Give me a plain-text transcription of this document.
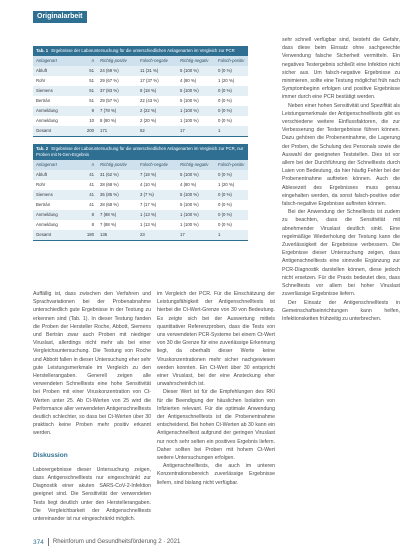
Originalarbeit
Tab. 1 Ergebnisse der Laboruntersuchung für die unterschiedlichen Anlagenarten im Vergleich zur PCR
Anlagenart	n	Richtig-positiv	Falsch-negativ	Richtig-negativ	Falsch-positiv
Abluft	51	24 (69 %)	11 (31 %)	5 (100 %)	0 (0 %)
Rohr	51	29 (67 %)	17 (37 %)	4 (80 %)	1 (20 %)
Siemens	51	37 (83 %)	8 (18 %)	5 (100 %)	0 (0 %)
Bertrán	51	29 (57 %)	22 (43 %)	5 (100 %)	0 (0 %)
Anmeldung	9	7 (78 %)	2 (22 %)	1 (100 %)	0 (0 %)
Anmeldung	10	8 (80 %)	2 (20 %)	1 (100 %)	0 (0 %)
Gesamt	200	171	52	17	1
Tab. 2 Ergebnisse der Laboruntersuchung für die unterschiedlichen Anlagenarten im Vergleich zur PCR, nur Proben mit N-Gen-Ergebnis
Anlagenart	n	Richtig-positiv	Falsch-negativ	Richtig-negativ	Falsch-positiv
Abluft	41	31 (62 %)	7 (18 %)	5 (100 %)	0 (0 %)
Rohr	41	28 (68 %)	4 (10 %)	4 (80 %)	1 (20 %)
Siemens	41	35 (85 %)	3 (7 %)	5 (100 %)	0 (0 %)
Bertrán	41	28 (68 %)	7 (17 %)	5 (100 %)	0 (0 %)
Anmeldung	8	7 (88 %)	1 (13 %)	1 (100 %)	0 (0 %)
Anmeldung	8	7 (88 %)	1 (13 %)	1 (100 %)	0 (0 %)
Gesamt	180	136	23	17	1

Auffällig ist, dass zwischen den Verfahren und Sprachvariationen bei der Probenabnahme unterschiedlich gute Ergebnisse in der Testung zu erkennen sind (Tab. 1). In dieser Testung fanden die Proben der Hersteller Roche, Abbott, Siemens und Bertrán zwar auch Proben mit niedriger Viruslast, allerdings nicht mehr als bei einer Vergleichsuntersuchung. Die Testung von Roche und Abbott fallen in dieser Untersuchung eher sehr gute Leistungsmerkmale im Vergleich zu den Herstellerangaben. Generell zeigen alle verwendeten Schnelltests eine hohe Sensitivität bei Proben mit einer Viruskonzentration von Ct-Werten unter 25. Ab Ct-Werten von 25 wird die Performance aller verwendeten Antigenschnelltests deutlich schlechter, so dass bei Ct-Werten über 30 praktisch keine Proben mehr positiv erkannt werden.

Diskussion

Laborergebnisse dieser Untersuchung zeigen, dass Antigenschnelltests nur eingeschränkt zur Diagnostik einer akuten SARS-CoV-2-Infektion geeignet sind. Die Sensitivität der verwendeten Tests liegt deutlich unter den Herstellerangaben. Die Vergleichbarkeit der Antigenschnelltests untereinander ist nur eingeschränkt möglich.

im Vergleich der PCR. Für die Einschätzung der Leistungsfähigkeit der Antigenschnelltests ist hierbei die Ct-Wert-Grenze von 30 von Bedeutung. Es zeigte sich bei der Auswertung mittels quantitativer Referenzproben, dass die Tests von uns verwendeten PCR-Systeme bei einem Ct-Wert von 30 die Grenze für eine zuverlässige Erkennung liegt, da oberhalb dieser Werte keine Viruskonzentrationen mehr sicher nachgewiesen werden konnten. Ein Ct-Wert über 30 entspricht einer Viruslast, bei der eine Ansteckung eher unwahrscheinlich ist.

Dieser Wert ist für die Empfehlungen des RKI für die Beendigung der häuslichen Isolation von Infizierten relevant. Für die optimale Anwendung der Antigenschnelltests ist die Probenentnahme entscheidend. Bei hohen Ct-Werten ab 30 kann ein Antigenschnelltest aufgrund der geringen Viruslast nur noch sehr selten ein positives Ergebnis liefern. Daher sollten bei Proben mit hohem Ct-Wert weitere Untersuchungen erfolgen.

Antigenschnelltests, die auch im unteren Konzentrationsbereich zuverlässige Ergebnisse liefern, sind bislang nicht verfügbar.

sehr schnell verfügbar sind, besteht die Gefahr, dass diese beim Einsatz ohne sachgerechte Verwendung falsche Sicherheit vermitteln. Ein negatives Testergebnis schließt eine Infektion nicht sicher aus. Um falsch-negative Ergebnisse zu minimieren, sollte eine Testung möglichst früh nach Symptombeginn erfolgen und positive Ergebnisse immer durch eine PCR bestätigt werden.

Neben einer hohen Sensitivität und Spezifität als Leistungsmerkmale der Antigenschnelltests gibt es verschiedene weitere Einflussfaktoren, die zur Verbesserung der Testergebnisse führen können. Dazu gehören die Probenentnahme, die Lagerung der Proben, die Schulung des Personals sowie die Auswahl der geeigneten Teststellen. Dies ist vor allem bei der Durchführung der Schnelltests durch Laien von Bedeutung, da hier häufig Fehler bei der Probenentnahme auftreten können. Auch die Ablesezeit des Ergebnisses muss genau eingehalten werden, da sonst falsch-positive oder falsch-negative Ergebnisse auftreten können.

Bei der Anwendung der Schnelltests ist zudem zu beachten, dass die Sensitivität mit abnehmender Viruslast deutlich sinkt. Eine regelmäßige Wiederholung der Testung kann die Zuverlässigkeit der Ergebnisse verbessern. Die Ergebnisse dieser Untersuchung zeigen, dass Antigenschnelltests eine sinnvolle Ergänzung zur PCR-Diagnostik darstellen können, diese jedoch nicht ersetzen. Für die Praxis bedeutet dies, dass Schnelltests vor allem bei hoher Viruslast zuverlässige Ergebnisse liefern.

Der Einsatz der Antigenschnelltests in Gemeinschaftseinrichtungen kann helfen, Infektionsketten frühzeitig zu unterbrechen.

374 Rheinforum und Gesundheitsförderung 2 · 2021
